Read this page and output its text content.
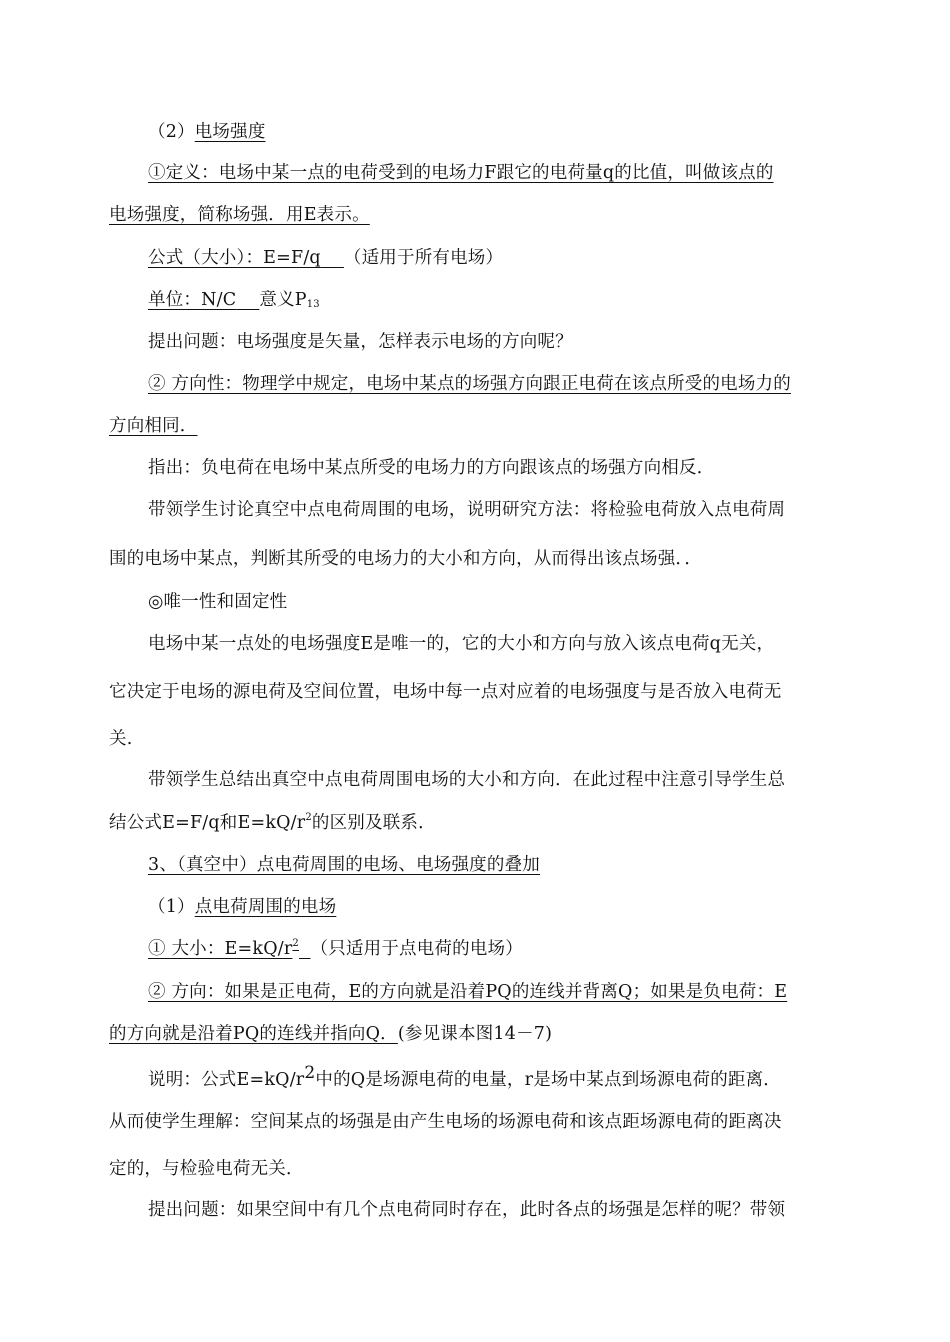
（2）电场强度
①定义：电场中某一点的电荷受到的电场力F跟它的电荷量q的比值，叫做该点的
电场强度，简称场强．用E表示。
公式（大小）：E=F/q （适用于所有电场）
单位：N/C 意义$P_{13}$
提出问题：电场强度是矢量，怎样表示电场的方向呢？
② 方向性：物理学中规定，电场中某点的场强方向跟正电荷在该点所受的电场力的
方向相同．
指出：负电荷在电场中某点所受的电场力的方向跟该点的场强方向相反．
带领学生讨论真空中点电荷周围的电场，说明研究方法：将检验电荷放入点电荷周
围的电场中某点，判断其所受的电场力的大小和方向，从而得出该点场强．．
◎唯一性和固定性
电场中某一点处的电场强度E是唯一的，它的大小和方向与放入该点电荷q无关，
它决定于电场的源电荷及空间位置，电场中每一点对应着的电场强度与是否放入电荷无
关.
带领学生总结出真空中点电荷周围电场的大小和方向．在此过程中注意引导学生总
结公式E=F/q和$E=kQ/r^2$的区别及联系．
3、（真空中）点电荷周围的电场、电场强度的叠加
（1）点电荷周围的电场
① 大小：$E=kQ/r^2$ （只适用于点电荷的电场）
② 方向：如果是正电荷，E的方向就是沿着PQ的连线并背离Q；如果是负电荷：E
的方向就是沿着PQ的连线并指向Q．(参见课本图14－7)
说明：公式$E=kQ/r^2$中的Q是场源电荷的电量，r是场中某点到场源电荷的距离．
从而使学生理解：空间某点的场强是由产生电场的场源电荷和该点距场源电荷的距离决
定的，与检验电荷无关．
提出问题：如果空间中有几个点电荷同时存在，此时各点的场强是怎样的呢？带领
